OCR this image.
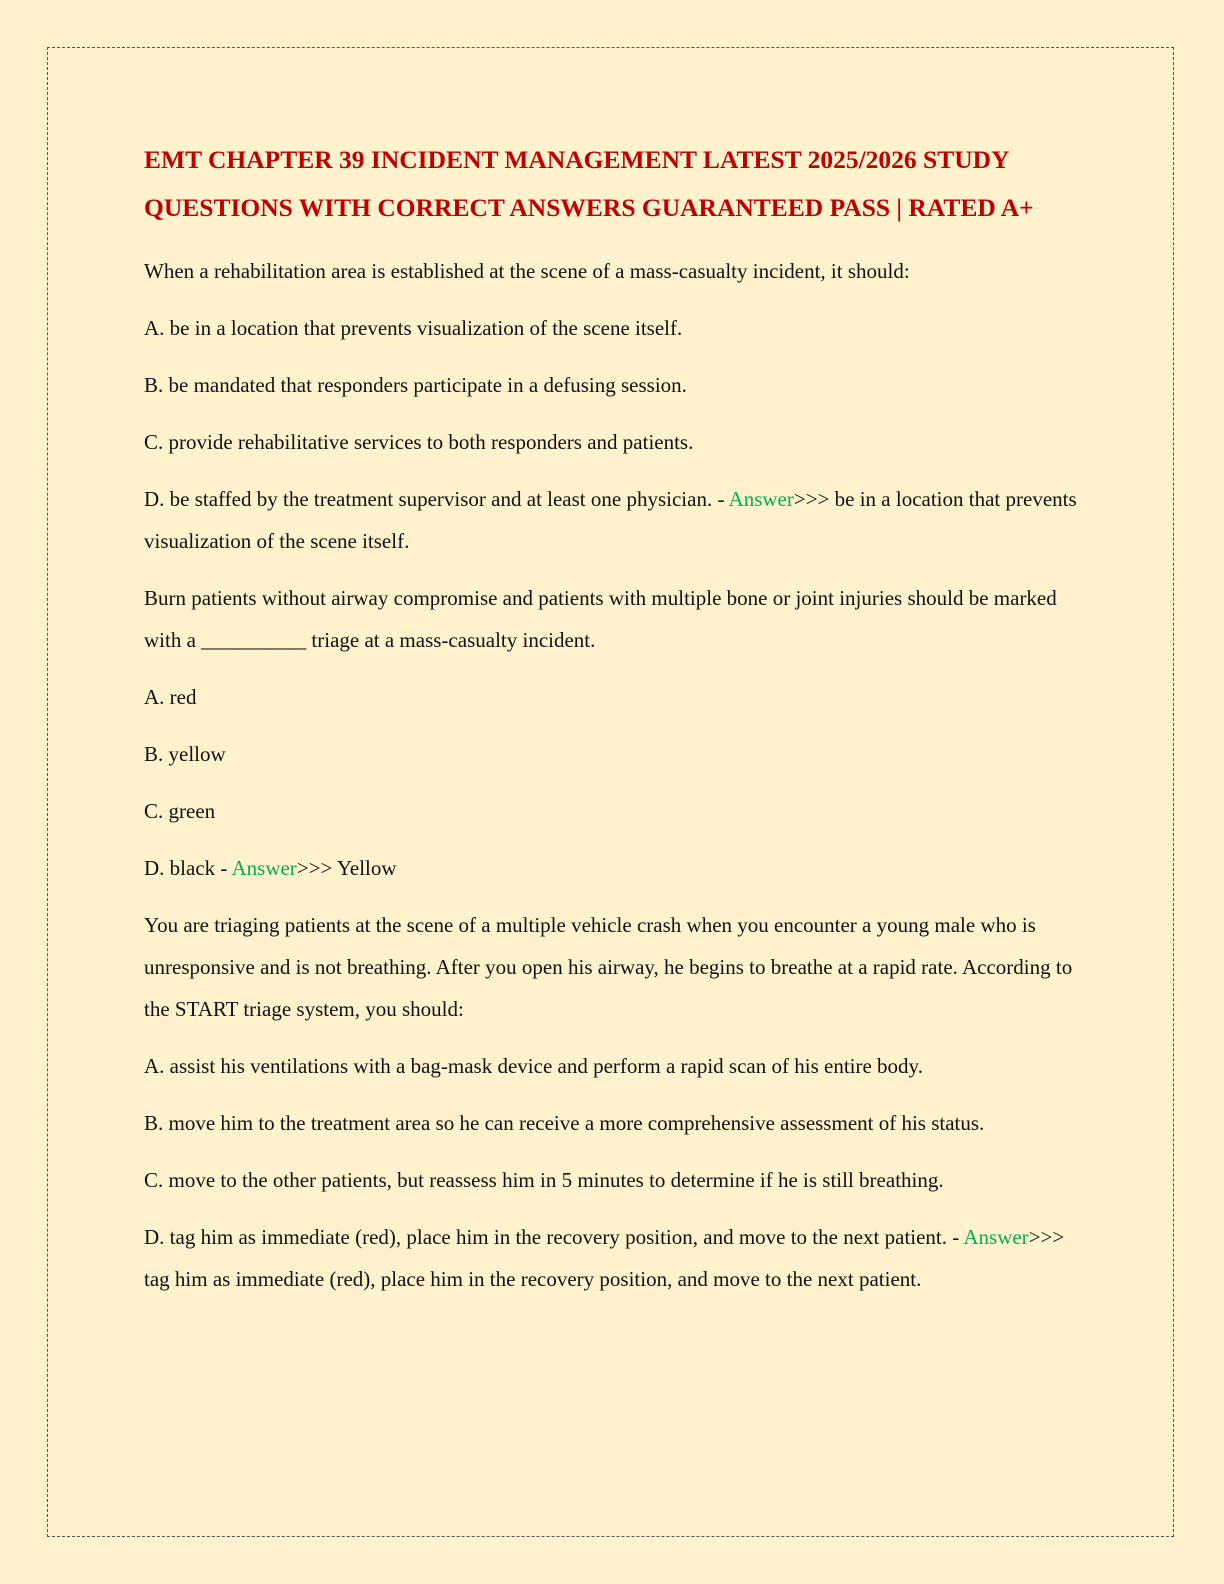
EMT CHAPTER 39 INCIDENT MANAGEMENT LATEST 2025/2026 STUDY QUESTIONS WITH CORRECT ANSWERS GUARANTEED PASS | RATED A+

When a rehabilitation area is established at the scene of a mass-casualty incident, it should:

A. be in a location that prevents visualization of the scene itself.

B. be mandated that responders participate in a defusing session.

C. provide rehabilitative services to both responders and patients.

D. be staffed by the treatment supervisor and at least one physician. - Answer>>> be in a location that prevents visualization of the scene itself.

Burn patients without airway compromise and patients with multiple bone or joint injuries should be marked with a __________ triage at a mass-casualty incident.

A. red

B. yellow

C. green

D. black - Answer>>> Yellow

You are triaging patients at the scene of a multiple vehicle crash when you encounter a young male who is unresponsive and is not breathing. After you open his airway, he begins to breathe at a rapid rate. According to the START triage system, you should:

A. assist his ventilations with a bag-mask device and perform a rapid scan of his entire body.

B. move him to the treatment area so he can receive a more comprehensive assessment of his status.

C. move to the other patients, but reassess him in 5 minutes to determine if he is still breathing.

D. tag him as immediate (red), place him in the recovery position, and move to the next patient. - Answer>>> tag him as immediate (red), place him in the recovery position, and move to the next patient.
